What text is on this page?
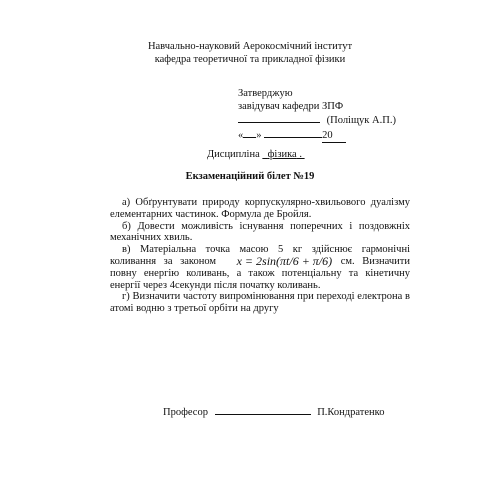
Навчально-науковий Аерокосмічний інститут
кафедра теоретичної та прикладної фізики
Затверджую
завідувач кафедри ЗПФ
(Поліщук А.П.)
« »	20
Дисципліна фізика .
Екзаменаційний білет №19
а) Обґрунтувати природу корпускулярно-хвильового дуалізму елементарних частинок. Формула де Бройля.
б) Довести можливість існування поперечних і поздовжніх механічних хвиль.
в) Матеріальна точка масою 5 кг здійснює гармонічні коливання за законом x = 2sin(πt/6 + π/6) см. Визначити повну енергію коливань, а також потенціальну та кінетичну енергії через 4секунди після початку коливань.
г) Визначити частоту випромінювання при переході електрона в атомі водню з третьої орбіти на другу
Професор	П.Кондратенко
